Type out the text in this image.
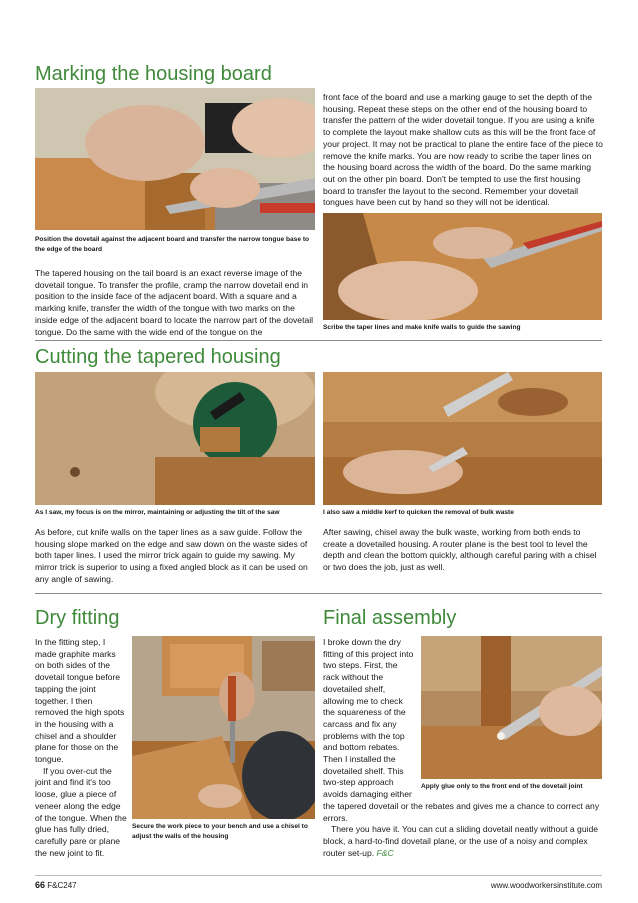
Marking the housing board

Position the dovetail against the adjacent board and transfer the narrow tongue base to the edge of the board

The tapered housing on the tail board is an exact reverse image of the dovetail tongue. To transfer the profile, cramp the narrow dovetail end in position to the inside face of the adjacent board. With a square and a marking knife, transfer the width of the tongue with two marks on the inside edge of the adjacent board to locate the narrow part of the dovetail tongue. Do the same with the wide end of the tongue on the

front face of the board and use a marking gauge to set the depth of the housing. Repeat these steps on the other end of the housing board to transfer the pattern of the wider dovetail tongue. If you are using a knife to complete the layout make shallow cuts as this will be the front face of your project. It may not be practical to plane the entire face of the piece to remove the knife marks. You are now ready to scribe the taper lines on the housing board across the width of the board. Do the same marking out on the other pin board. Don't be tempted to use the first housing board to transfer the layout to the second. Remember your dovetail tongues have been cut by hand so they will not be identical.

Scribe the taper lines and make knife walls to guide the sawing

Cutting the tapered housing

As I saw, my focus is on the mirror, maintaining or adjusting the tilt of the saw	I also saw a middle kerf to quicken the removal of bulk waste

As before, cut knife walls on the taper lines as a saw guide. Follow the housing slope marked on the edge and saw down on the waste sides of both taper lines. I used the mirror trick again to guide my sawing. My mirror trick is superior to using a fixed angled block as it can be used on any angle of sawing.

After sawing, chisel away the bulk waste, working from both ends to create a dovetailed housing. A router plane is the best tool to level the depth and clean the bottom quickly, although careful paring with a chisel or two does the job, just as well.

Dry fitting

In the fitting step, I made graphite marks on both sides of the dovetail tongue before tapping the joint together. I then removed the high spots in the housing with a chisel and a shoulder plane for those on the tongue.

If you over-cut the joint and find it's too loose, glue a piece of veneer along the edge of the tongue. When the glue has fully dried, carefully pare or plane the new joint to fit.

Secure the work piece to your bench and use a chisel to adjust the walls of the housing

Final assembly

I broke down the dry fitting of this project into two steps. First, the rack without the dovetailed shelf, allowing me to check the squareness of the carcass and fix any problems with the top and bottom rebates. Then I installed the dovetailed shelf. This two-step approach avoids damaging either

the tapered dovetail or the rebates and gives me a chance to correct any errors.

There you have it. You can cut a sliding dovetail neatly without a guide block, a hard-to-find dovetail plane, or the use of a noisy and complex router set-up. F&C

Apply glue only to the front end of the dovetail joint

66 F&C247	www.woodworkersinstitute.com
